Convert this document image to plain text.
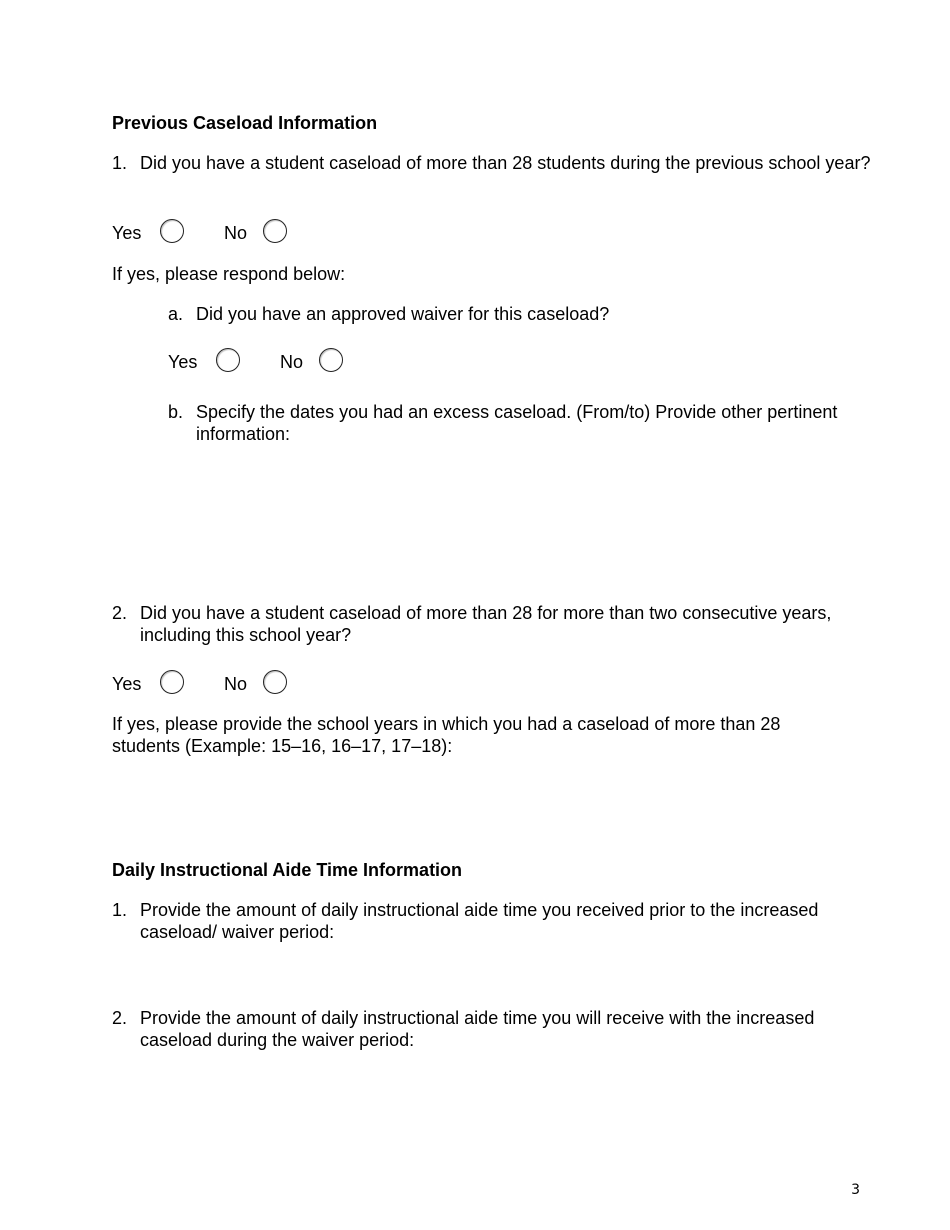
Previous Caseload Information
1. Did you have a student caseload of more than 28 students during the previous school year?
Yes	No
If yes, please respond below:
a. Did you have an approved waiver for this caseload?
Yes	No
b. Specify the dates you had an excess caseload. (From/to) Provide other pertinent information:
2. Did you have a student caseload of more than 28 for more than two consecutive years, including this school year?
Yes	No
If yes, please provide the school years in which you had a caseload of more than 28 students (Example: 15–16, 16–17, 17–18):
Daily Instructional Aide Time Information
1. Provide the amount of daily instructional aide time you received prior to the increased caseload/ waiver period:
2. Provide the amount of daily instructional aide time you will receive with the increased caseload during the waiver period:
3
